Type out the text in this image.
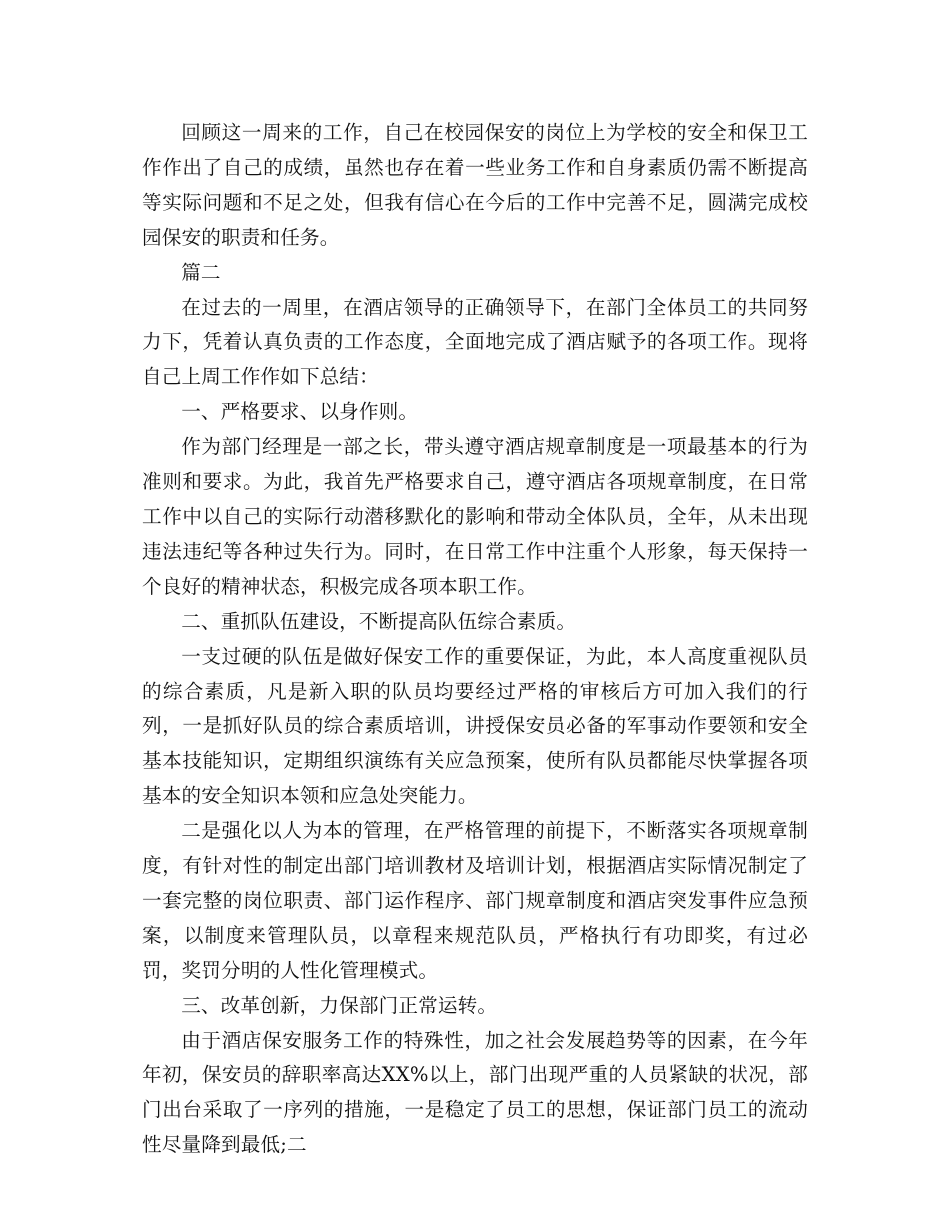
回顾这一周来的工作，自己在校园保安的岗位上为学校的安全和保卫工作作出了自己的成绩，虽然也存在着一些业务工作和自身素质仍需不断提高等实际问题和不足之处，但我有信心在今后的工作中完善不足，圆满完成校园保安的职责和任务。

篇二

在过去的一周里，在酒店领导的正确领导下，在部门全体员工的共同努力下，凭着认真负责的工作态度，全面地完成了酒店赋予的各项工作。现将自己上周工作作如下总结：

一、严格要求、以身作则。

作为部门经理是一部之长，带头遵守酒店规章制度是一项最基本的行为准则和要求。为此，我首先严格要求自己，遵守酒店各项规章制度，在日常工作中以自己的实际行动潜移默化的影响和带动全体队员，全年，从未出现违法违纪等各种过失行为。同时，在日常工作中注重个人形象，每天保持一个良好的精神状态，积极完成各项本职工作。

二、重抓队伍建设，不断提高队伍综合素质。

一支过硬的队伍是做好保安工作的重要保证，为此，本人高度重视队员的综合素质，凡是新入职的队员均要经过严格的审核后方可加入我们的行列，一是抓好队员的综合素质培训，讲授保安员必备的军事动作要领和安全基本技能知识，定期组织演练有关应急预案，使所有队员都能尽快掌握各项基本的安全知识本领和应急处突能力。

二是强化以人为本的管理，在严格管理的前提下，不断落实各项规章制度，有针对性的制定出部门培训教材及培训计划，根据酒店实际情况制定了一套完整的岗位职责、部门运作程序、部门规章制度和酒店突发事件应急预案，以制度来管理队员，以章程来规范队员，严格执行有功即奖，有过必罚，奖罚分明的人性化管理模式。

三、改革创新，力保部门正常运转。

由于酒店保安服务工作的特殊性，加之社会发展趋势等的因素，在今年年初，保安员的辞职率高达XX%以上，部门出现严重的人员紧缺的状况，部门出台采取了一序列的措施，一是稳定了员工的思想，保证部门员工的流动性尽量降到最低;二
